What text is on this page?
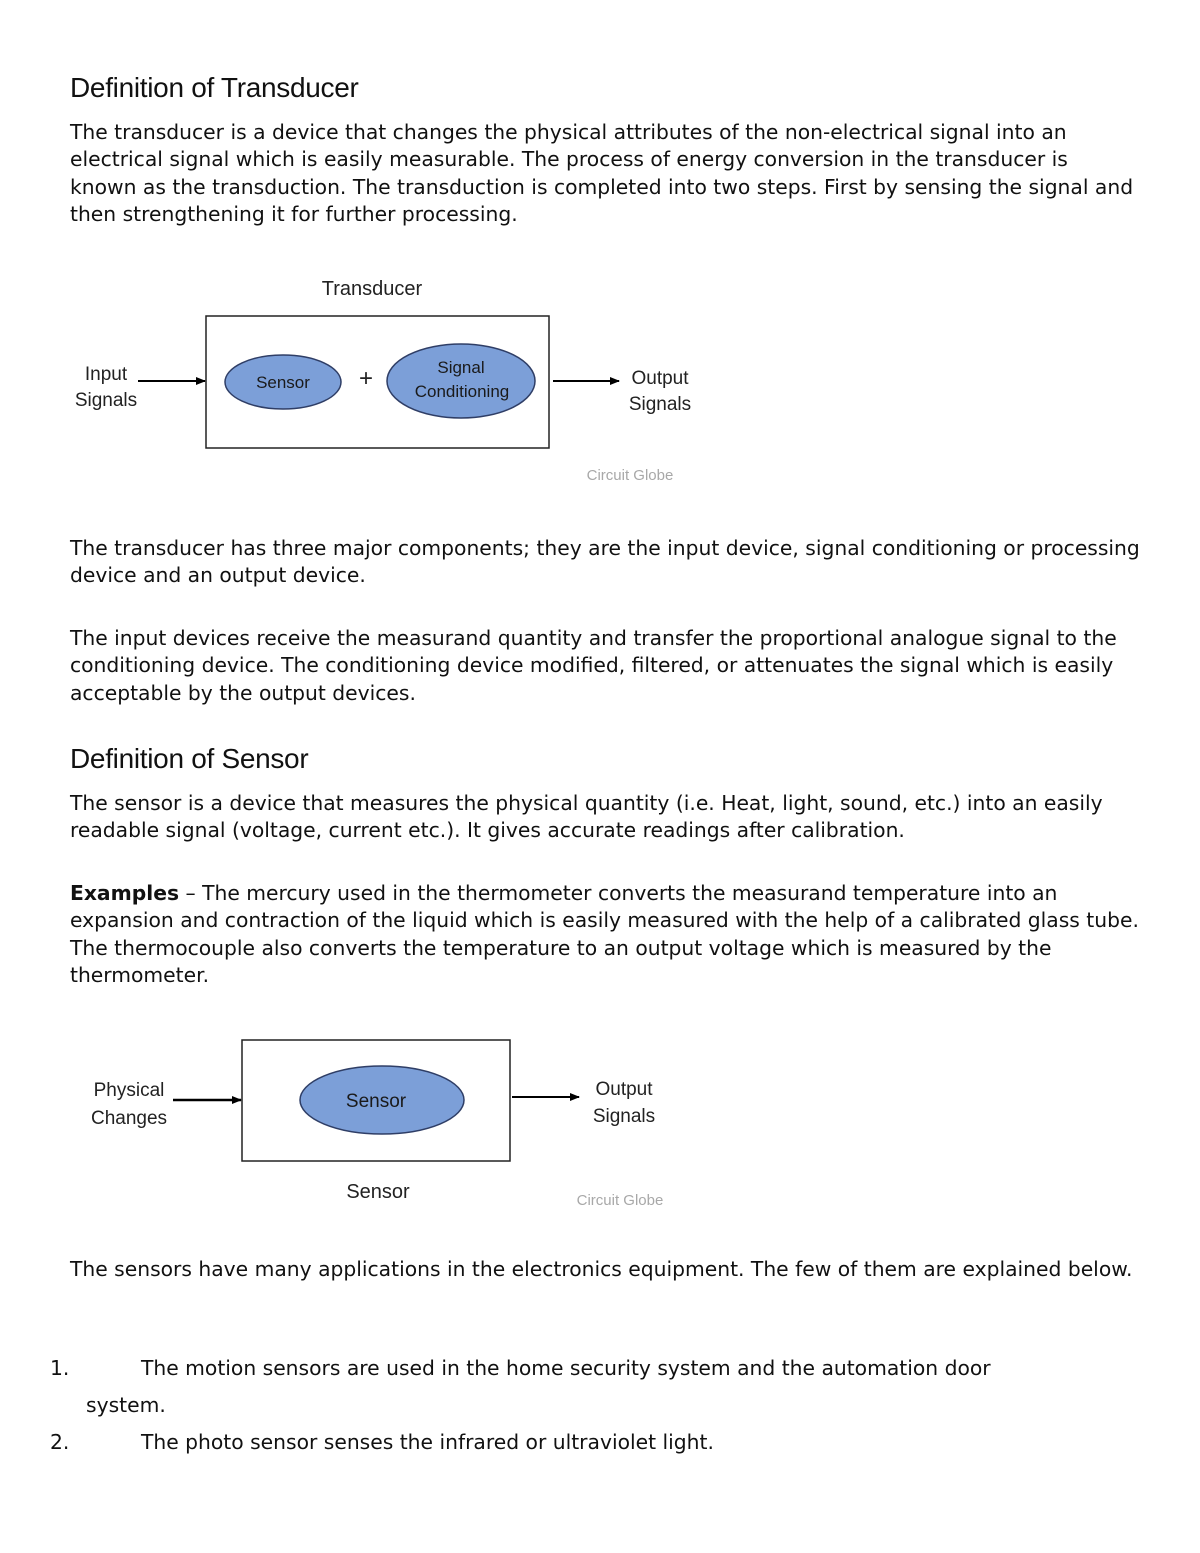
Definition of Transducer

The transducer is a device that changes the physical attributes of the non-electrical signal into an electrical signal which is easily measurable. The process of energy conversion in the transducer is known as the transduction. The transduction is completed into two steps. First by sensing the signal and then strengthening it for further processing.

Transducer
Input
Signals
Sensor +	Signal
Conditioning
Output
Signals
Circuit Globe

The transducer has three major components; they are the input device, signal conditioning or processing device and an output device.

The input devices receive the measurand quantity and transfer the proportional analogue signal to the conditioning device. The conditioning device modified, filtered, or attenuates the signal which is easily acceptable by the output devices.

Definition of Sensor

The sensor is a device that measures the physical quantity (i.e. Heat, light, sound, etc.) into an easily readable signal (voltage, current etc.). It gives accurate readings after calibration.

Examples – The mercury used in the thermometer converts the measurand temperature into an expansion and contraction of the liquid which is easily measured with the help of a calibrated glass tube. The thermocouple also converts the temperature to an output voltage which is measured by the thermometer.

Physical
Changes
Sensor
Output
Signals
Sensor	Circuit Globe

The sensors have many applications in the electronics equipment. The few of them are explained below.

1.	The motion sensors are used in the home security system and the automation door
system.
2.	The photo sensor senses the infrared or ultraviolet light.
